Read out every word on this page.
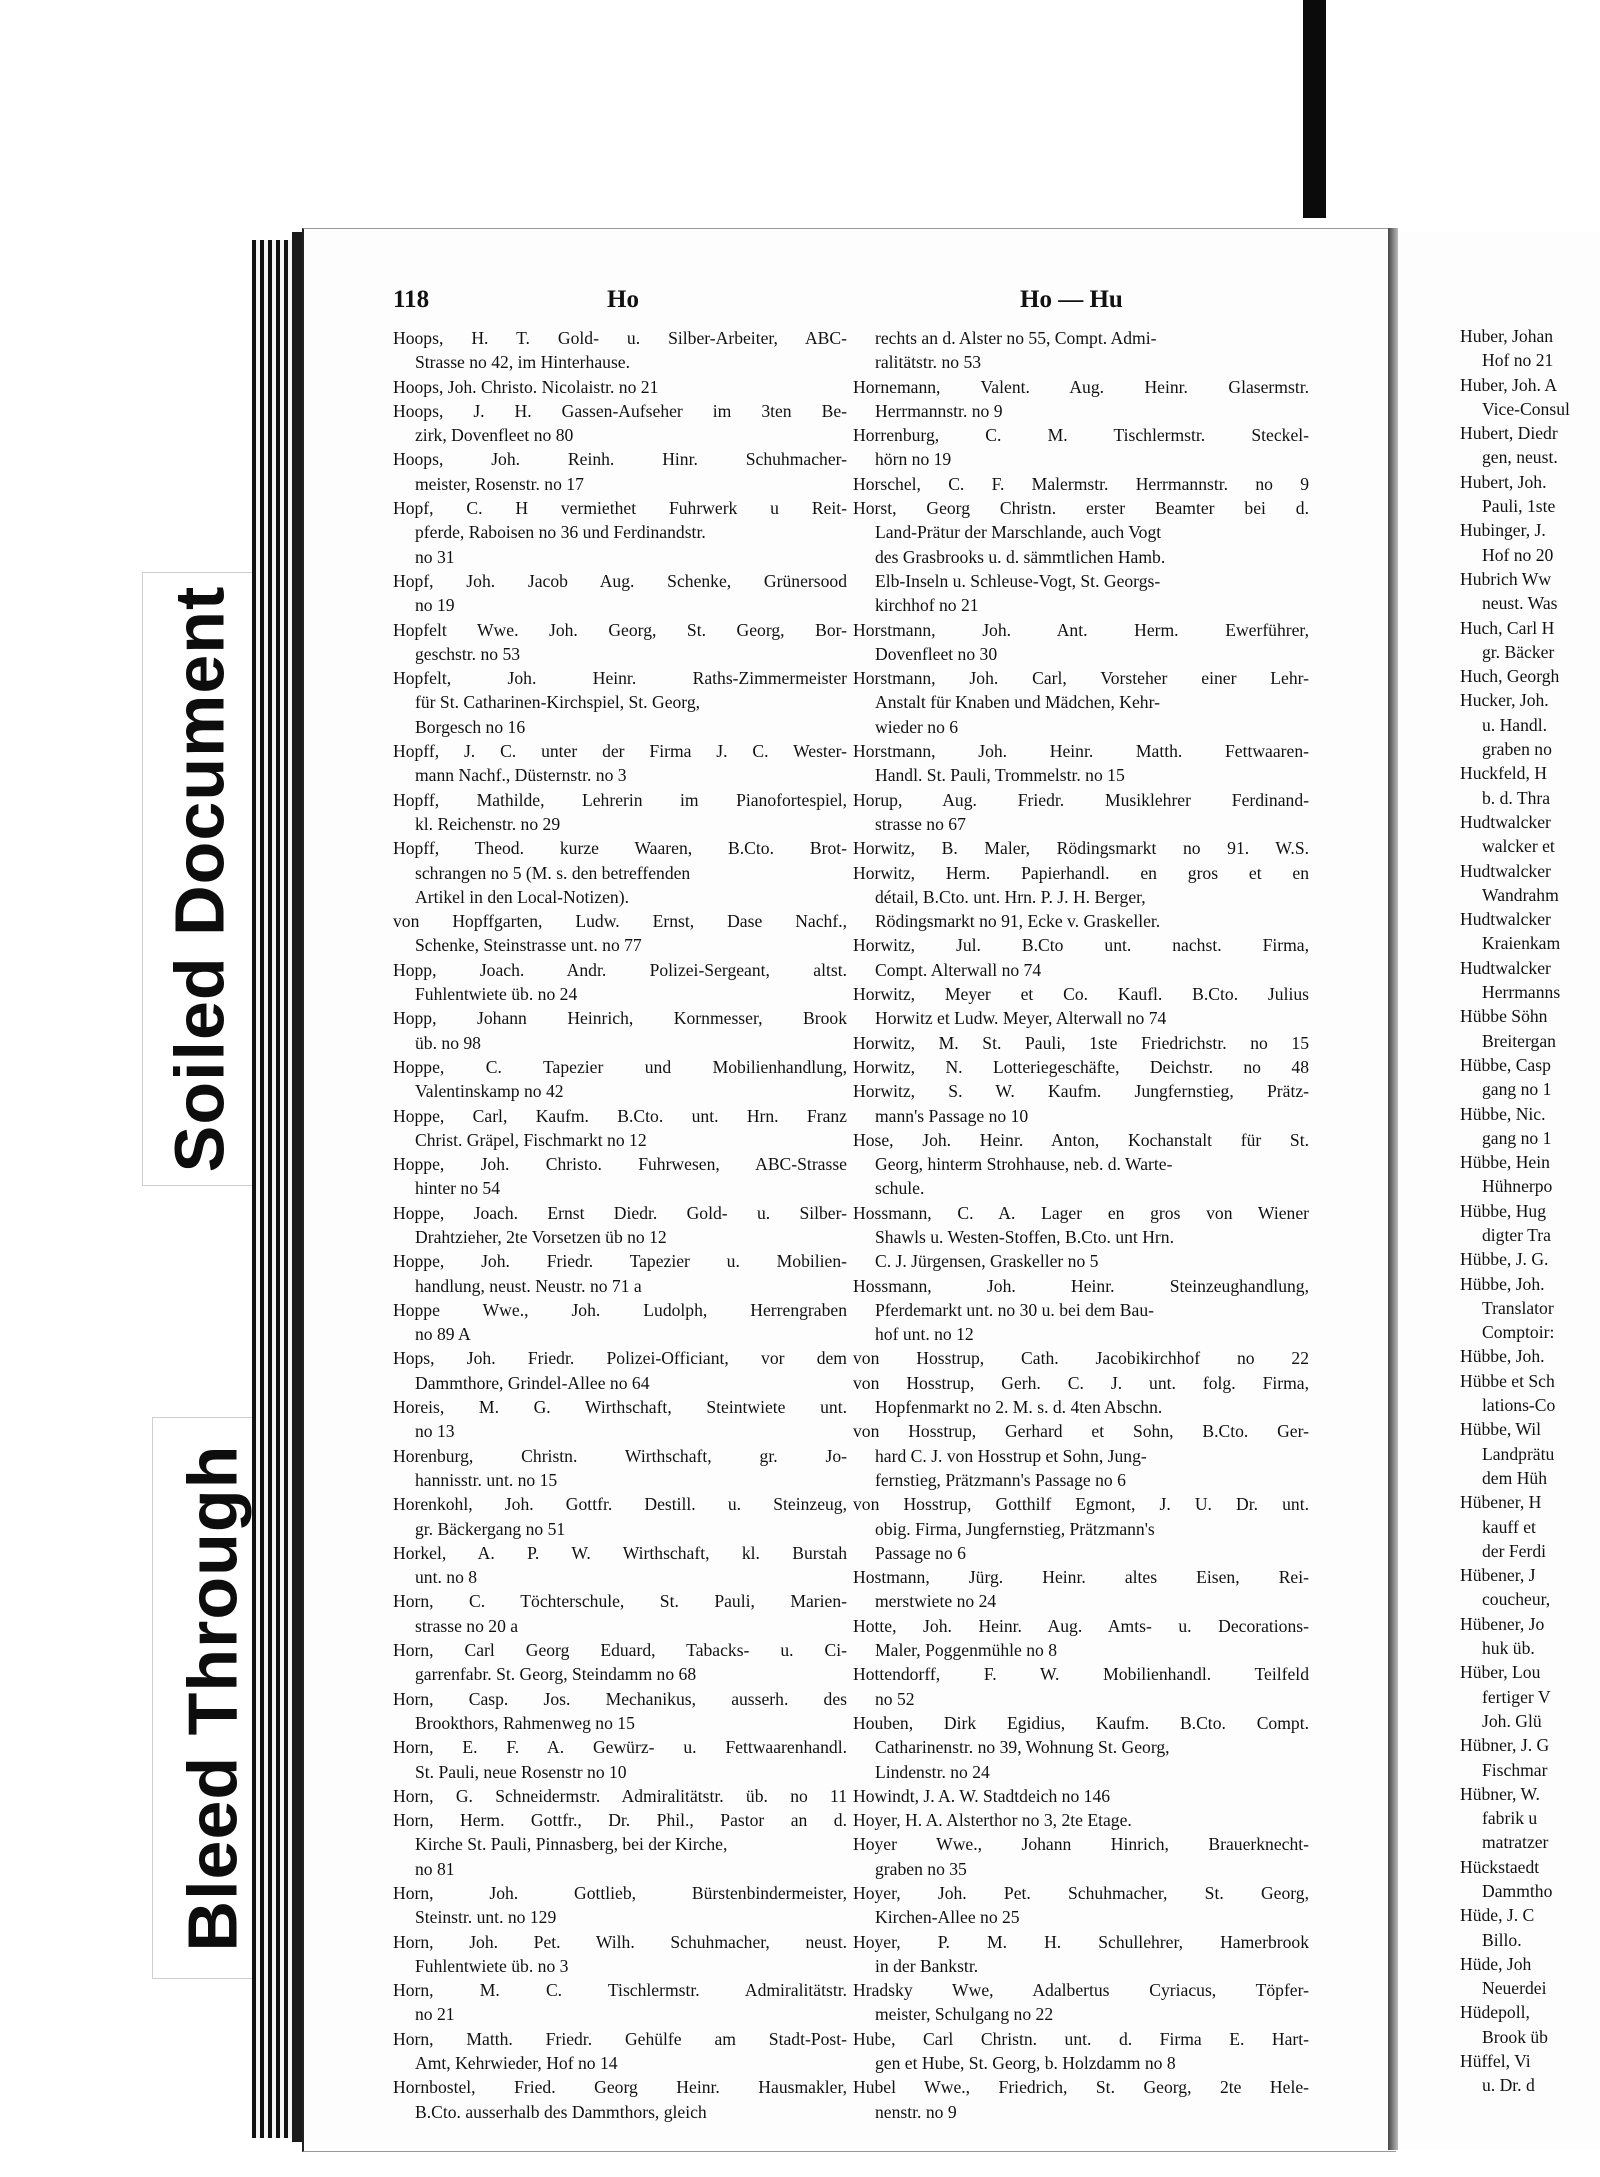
Soiled Document
Bleed Through
118	Ho	Ho — Hu
Hoops, H. T. Gold- u. Silber-Arbeiter, ABC-
Strasse no 42, im Hinterhause.
Hoops, Joh. Christo. Nicolaistr. no 21
Hoops, J. H. Gassen-Aufseher im 3ten Be-
zirk, Dovenfleet no 80
Hoops, Joh. Reinh. Hinr. Schuhmacher-
meister, Rosenstr. no 17
Hopf, C. H vermiethet Fuhrwerk u Reit-
pferde, Raboisen no 36 und Ferdinandstr.
no 31
Hopf, Joh. Jacob Aug. Schenke, Grünersood
no 19
Hopfelt Wwe. Joh. Georg, St. Georg, Bor-
geschstr. no 53
Hopfelt, Joh. Heinr. Raths-Zimmermeister
für St. Catharinen-Kirchspiel, St. Georg,
Borgesch no 16
Hopff, J. C. unter der Firma J. C. Wester-
mann Nachf., Düsternstr. no 3
Hopff, Mathilde, Lehrerin im Pianofortespiel,
kl. Reichenstr. no 29
Hopff, Theod. kurze Waaren, B.Cto. Brot-
schrangen no 5 (M. s. den betreffenden
Artikel in den Local-Notizen).
von Hopffgarten, Ludw. Ernst, Dase Nachf.,
Schenke, Steinstrasse unt. no 77
Hopp, Joach. Andr. Polizei-Sergeant, altst.
Fuhlentwiete üb. no 24
Hopp, Johann Heinrich, Kornmesser, Brook
üb. no 98
Hoppe, C. Tapezier und Mobilienhandlung,
Valentinskamp no 42
Hoppe, Carl, Kaufm. B.Cto. unt. Hrn. Franz
Christ. Gräpel, Fischmarkt no 12
Hoppe, Joh. Christo. Fuhrwesen, ABC-Strasse
hinter no 54
Hoppe, Joach. Ernst Diedr. Gold- u. Silber-
Drahtzieher, 2te Vorsetzen üb no 12
Hoppe, Joh. Friedr. Tapezier u. Mobilien-
handlung, neust. Neustr. no 71 a
Hoppe Wwe., Joh. Ludolph, Herrengraben
no 89 A
Hops, Joh. Friedr. Polizei-Officiant, vor dem
Dammthore, Grindel-Allee no 64
Horeis, M. G. Wirthschaft, Steintwiete unt.
no 13
Horenburg, Christn. Wirthschaft, gr. Jo-
hannisstr. unt. no 15
Horenkohl, Joh. Gottfr. Destill. u. Steinzeug,
gr. Bäckergang no 51
Horkel, A. P. W. Wirthschaft, kl. Burstah
unt. no 8
Horn, C. Töchterschule, St. Pauli, Marien-
strasse no 20 a
Horn, Carl Georg Eduard, Tabacks- u. Ci-
garrenfabr. St. Georg, Steindamm no 68
Horn, Casp. Jos. Mechanikus, ausserh. des
Brookthors, Rahmenweg no 15
Horn, E. F. A. Gewürz- u. Fettwaarenhandl.
St. Pauli, neue Rosenstr no 10
Horn, G. Schneidermstr. Admiralitätstr. üb. no 11
Horn, Herm. Gottfr., Dr. Phil., Pastor an d.
Kirche St. Pauli, Pinnasberg, bei der Kirche,
no 81
Horn, Joh. Gottlieb, Bürstenbindermeister,
Steinstr. unt. no 129
Horn, Joh. Pet. Wilh. Schuhmacher, neust.
Fuhlentwiete üb. no 3
Horn, M. C. Tischlermstr. Admiralitätstr.
no 21
Horn, Matth. Friedr. Gehülfe am Stadt-Post-
Amt, Kehrwieder, Hof no 14
Hornbostel, Fried. Georg Heinr. Hausmakler,
B.Cto. ausserhalb des Dammthors, gleich
rechts an d. Alster no 55, Compt. Admi-
ralitätstr. no 53
Hornemann, Valent. Aug. Heinr. Glasermstr.
Herrmannstr. no 9
Horrenburg, C. M. Tischlermstr. Steckel-
hörn no 19
Horschel, C. F. Malermstr. Herrmannstr. no 9
Horst, Georg Christn. erster Beamter bei d.
Land-Prätur der Marschlande, auch Vogt
des Grasbrooks u. d. sämmtlichen Hamb.
Elb-Inseln u. Schleuse-Vogt, St. Georgs-
kirchhof no 21
Horstmann, Joh. Ant. Herm. Ewerführer,
Dovenfleet no 30
Horstmann, Joh. Carl, Vorsteher einer Lehr-
Anstalt für Knaben und Mädchen, Kehr-
wieder no 6
Horstmann, Joh. Heinr. Matth. Fettwaaren-
Handl. St. Pauli, Trommelstr. no 15
Horup, Aug. Friedr. Musiklehrer Ferdinand-
strasse no 67
Horwitz, B. Maler, Rödingsmarkt no 91. W.S.
Horwitz, Herm. Papierhandl. en gros et en
détail, B.Cto. unt. Hrn. P. J. H. Berger,
Rödingsmarkt no 91, Ecke v. Graskeller.
Horwitz, Jul. B.Cto unt. nachst. Firma,
Compt. Alterwall no 74
Horwitz, Meyer et Co. Kaufl. B.Cto. Julius
Horwitz et Ludw. Meyer, Alterwall no 74
Horwitz, M. St. Pauli, 1ste Friedrichstr. no 15
Horwitz, N. Lotteriegeschäfte, Deichstr. no 48
Horwitz, S. W. Kaufm. Jungfernstieg, Prätz-
mann's Passage no 10
Hose, Joh. Heinr. Anton, Kochanstalt für St.
Georg, hinterm Strohhause, neb. d. Warte-
schule.
Hossmann, C. A. Lager en gros von Wiener
Shawls u. Westen-Stoffen, B.Cto. unt Hrn.
C. J. Jürgensen, Graskeller no 5
Hossmann, Joh. Heinr. Steinzeughandlung,
Pferdemarkt unt. no 30 u. bei dem Bau-
hof unt. no 12
von Hosstrup, Cath. Jacobikirchhof no 22
von Hosstrup, Gerh. C. J. unt. folg. Firma,
Hopfenmarkt no 2. M. s. d. 4ten Abschn.
von Hosstrup, Gerhard et Sohn, B.Cto. Ger-
hard C. J. von Hosstrup et Sohn, Jung-
fernstieg, Prätzmann's Passage no 6
von Hosstrup, Gotthilf Egmont, J. U. Dr. unt.
obig. Firma, Jungfernstieg, Prätzmann's
Passage no 6
Hostmann, Jürg. Heinr. altes Eisen, Rei-
merstwiete no 24
Hotte, Joh. Heinr. Aug. Amts- u. Decorations-
Maler, Poggenmühle no 8
Hottendorff, F. W. Mobilienhandl. Teilfeld
no 52
Houben, Dirk Egidius, Kaufm. B.Cto. Compt.
Catharinenstr. no 39, Wohnung St. Georg,
Lindenstr. no 24
Howindt, J. A. W. Stadtdeich no 146
Hoyer, H. A. Alsterthor no 3, 2te Etage.
Hoyer Wwe., Johann Hinrich, Brauerknecht-
graben no 35
Hoyer, Joh. Pet. Schuhmacher, St. Georg,
Kirchen-Allee no 25
Hoyer, P. M. H. Schullehrer, Hamerbrook
in der Bankstr.
Hradsky Wwe, Adalbertus Cyriacus, Töpfer-
meister, Schulgang no 22
Hube, Carl Christn. unt. d. Firma E. Hart-
gen et Hube, St. Georg, b. Holzdamm no 8
Hubel Wwe., Friedrich, St. Georg, 2te Hele-
nenstr. no 9
Huber, Johan
Hof no 21
Huber, Joh. A
Vice-Consul
Hubert, Diedr
gen, neust.
Hubert, Joh.
Pauli, 1ste
Hubinger, J.
Hof no 20
Hubrich Ww
neust. Was
Huch, Carl H
gr. Bäcker
Huch, Georgh
Hucker, Joh.
u. Handl.
graben no
Huckfeld, H
b. d. Thra
Hudtwalcker
walcker et
Hudtwalcker
Wandrahm
Hudtwalcker
Kraienkam
Hudtwalcker
Herrmanns
Hübbe Söhn
Breitergan
Hübbe, Casp
gang no 1
Hübbe, Nic.
gang no 1
Hübbe, Hein
Hühnerpo
Hübbe, Hug
digter Tra
Hübbe, J. G.
Hübbe, Joh.
Translator
Comptoir:
Hübbe, Joh.
Hübbe et Sch
lations-Co
Hübbe, Wil
Landprätu
dem Hüh
Hübener, H
kauff et
der Ferdi
Hübener, J
coucheur,
Hübener, Jo
huk üb.
Hüber, Lou
fertiger V
Joh. Glü
Hübner, J. G
Fischmar
Hübner, W.
fabrik u
matratzer
Hückstaedt
Dammtho
Hüde, J. C
Billo.
Hüde, Joh
Neuerdei
Hüdepoll,
Brook üb
Hüffel, Vi
u. Dr. d
